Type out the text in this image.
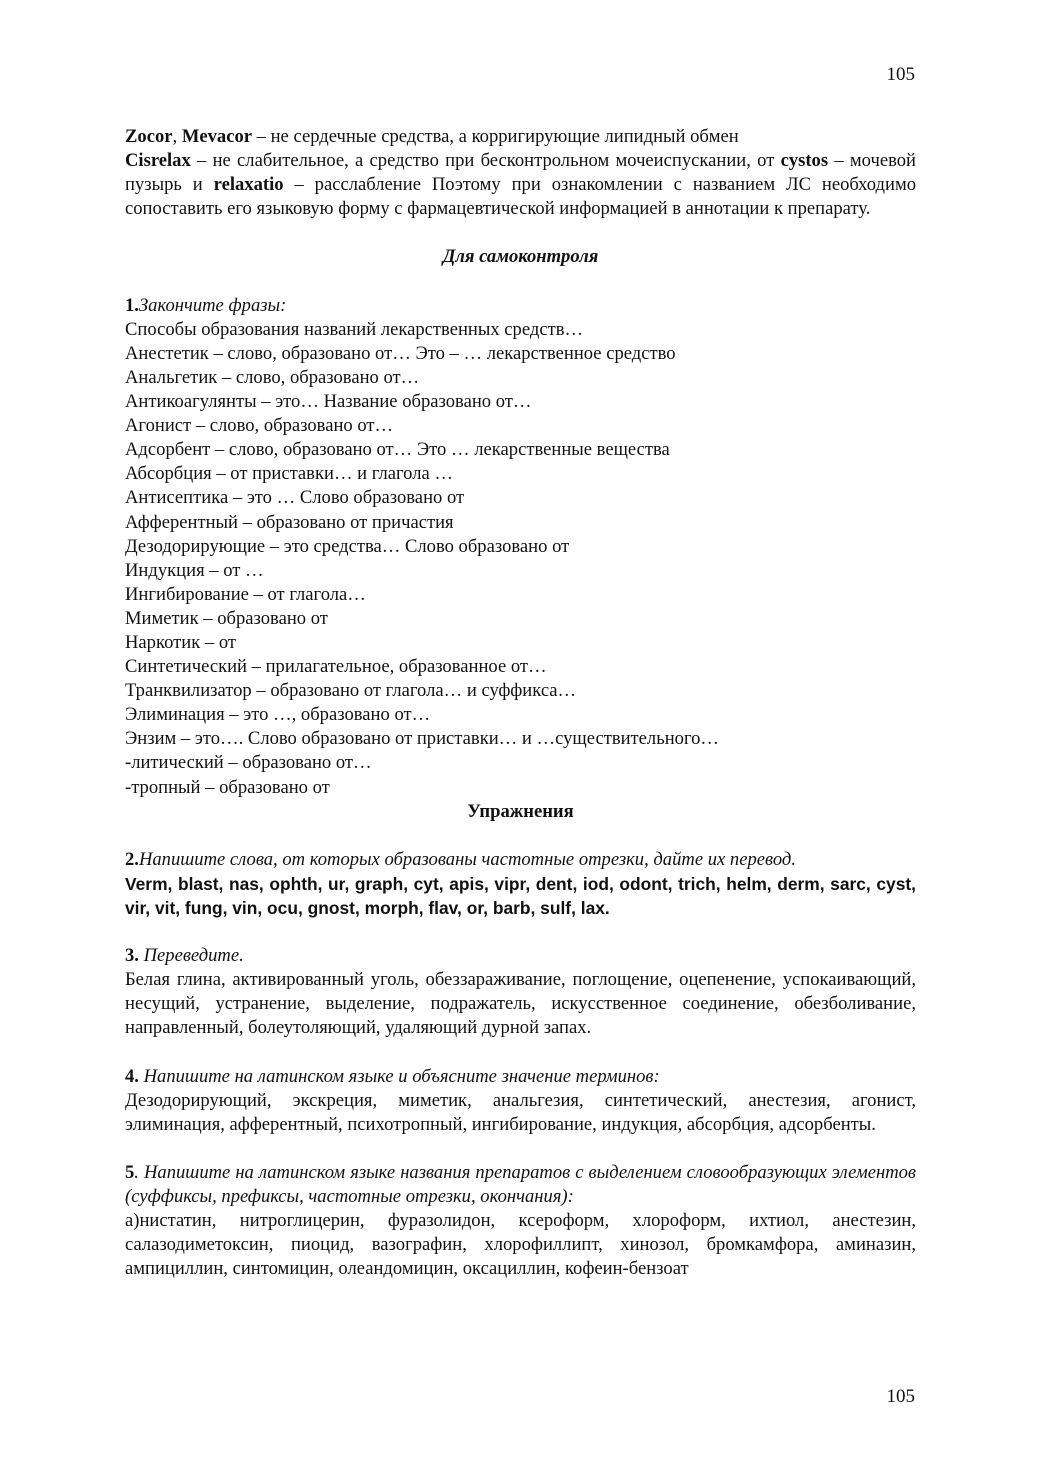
105

Zocor, Mevacor – не сердечные средства, а корригирующие липидный обмен

Cisrelax – не слабительное, а средство при бесконтрольном мочеиспускании, от cystos – мочевой пузырь и relaxatio – расслабление Поэтому при ознакомлении с названием ЛС необходимо сопоставить его языковую форму с фармацевтической информацией в аннотации к препарату.

Для самоконтроля

1.Закончите фразы:

Способы образования названий лекарственных средств…

Анестетик – слово, образовано от… Это – … лекарственное средство

Анальгетик – слово, образовано от…

Антикоагулянты – это… Название образовано от…

Агонист – слово, образовано от…

Адсорбент – слово, образовано от… Это … лекарственные вещества

Абсорбция – от приставки… и глагола …

Антисептика – это … Слово образовано от

Афферентный – образовано от причастия

Дезодорирующие – это средства… Слово образовано от

Индукция – от …

Ингибирование – от глагола…

Миметик – образовано от

Наркотик – от

Синтетический – прилагательное, образованное от…

Транквилизатор – образовано от глагола… и суффикса…

Элиминация – это …, образовано от…

Энзим – это…. Слово образовано от приставки… и …существительного…

-литический – образовано от…

-тропный – образовано от

Упражнения

2.Напишите слова, от которых образованы частотные отрезки, дайте их перевод.

Verm, blast, nas, ophth, ur, graph, cyt, apis, vipr, dent, iod, odont, trich, helm, derm, sarc, cyst, vir, vit, fung, vin, ocu, gnost, morph, flav, or, barb, sulf, lax.

3. Переведите.

Белая глина, активированный уголь, обеззараживание, поглощение, оцепенение, успокаивающий, несущий, устранение, выделение, подражатель, искусственное соединение, обезболивание, направленный, болеутоляющий, удаляющий дурной запах.

4. Напишите на латинском языке и объясните значение терминов:

Дезодорирующий, экскреция, миметик, анальгезия, синтетический, анестезия, агонист, элиминация, афферентный, психотропный, ингибирование, индукция, абсорбция, адсорбенты.

5. Напишите на латинском языке названия препаратов с выделением словообразующих элементов (суффиксы, префиксы, частотные отрезки, окончания):

а)нистатин, нитроглицерин, фуразолидон, ксероформ, хлороформ, ихтиол, анестезин, салазодиметоксин, пиоцид, вазографин, хлорофиллипт, хинозол, бромкамфора, аминазин, ампициллин, синтомицин, олеандомицин, оксациллин, кофеин-бензоат

105
